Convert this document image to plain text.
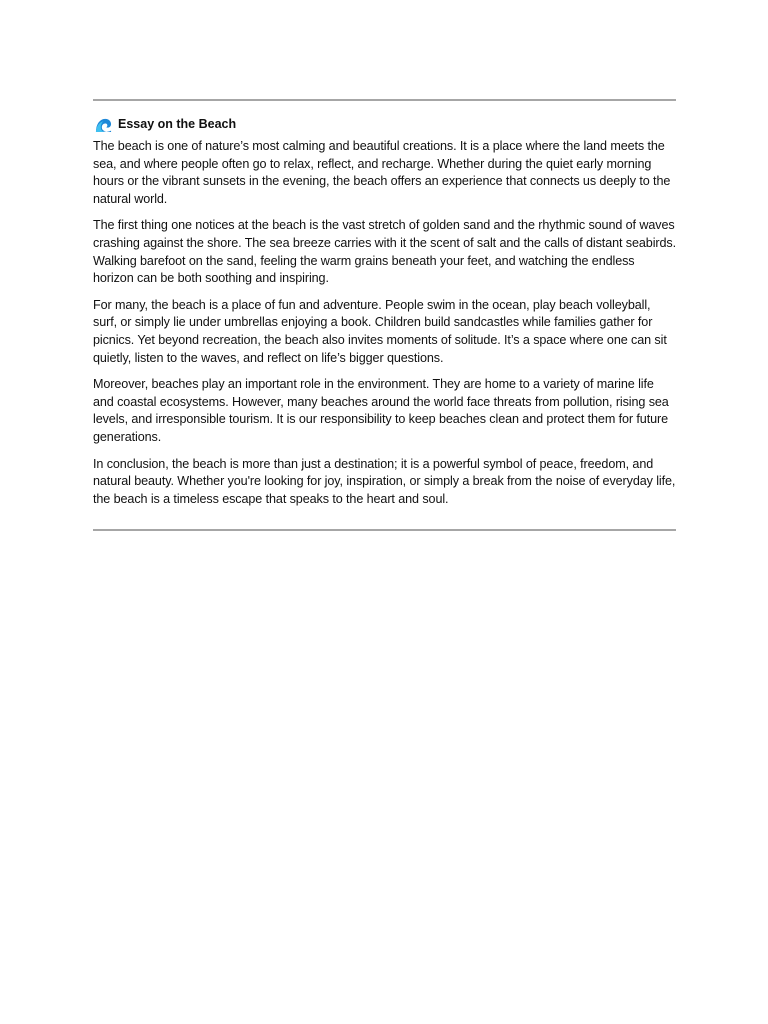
Essay on the Beach

The beach is one of nature’s most calming and beautiful creations. It is a place where the land meets the sea, and where people often go to relax, reflect, and recharge. Whether during the quiet early morning hours or the vibrant sunsets in the evening, the beach offers an experience that connects us deeply to the natural world.

The first thing one notices at the beach is the vast stretch of golden sand and the rhythmic sound of waves crashing against the shore. The sea breeze carries with it the scent of salt and the calls of distant seabirds. Walking barefoot on the sand, feeling the warm grains beneath your feet, and watching the endless horizon can be both soothing and inspiring.

For many, the beach is a place of fun and adventure. People swim in the ocean, play beach volleyball, surf, or simply lie under umbrellas enjoying a book. Children build sandcastles while families gather for picnics. Yet beyond recreation, the beach also invites moments of solitude. It’s a space where one can sit quietly, listen to the waves, and reflect on life’s bigger questions.

Moreover, beaches play an important role in the environment. They are home to a variety of marine life and coastal ecosystems. However, many beaches around the world face threats from pollution, rising sea levels, and irresponsible tourism. It is our responsibility to keep beaches clean and protect them for future generations.

In conclusion, the beach is more than just a destination; it is a powerful symbol of peace, freedom, and natural beauty. Whether you're looking for joy, inspiration, or simply a break from the noise of everyday life, the beach is a timeless escape that speaks to the heart and soul.
